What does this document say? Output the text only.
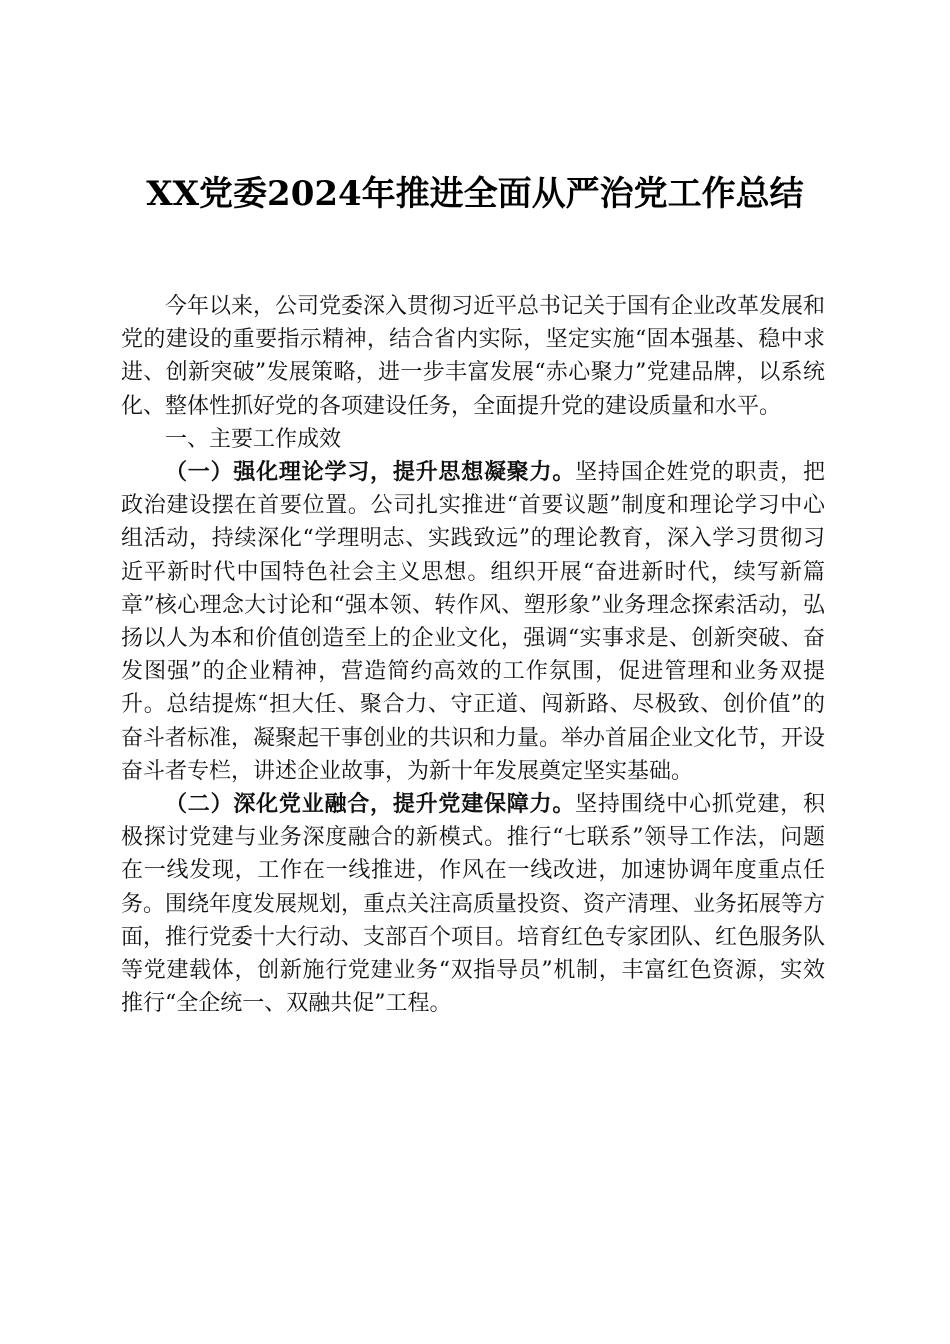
XX党委2024年推进全面从严治党工作总结

今年以来，公司党委深入贯彻习近平总书记关于国有企业改革发展和党的建设的重要指示精神，结合省内实际，坚定实施“固本强基、稳中求进、创新突破”发展策略，进一步丰富发展“赤心聚力”党建品牌，以系统化、整体性抓好党的各项建设任务，全面提升党的建设质量和水平。

一、主要工作成效

（一）强化理论学习，提升思想凝聚力。坚持国企姓党的职责，把政治建设摆在首要位置。公司扎实推进“首要议题”制度和理论学习中心组活动，持续深化“学理明志、实践致远”的理论教育，深入学习贯彻习近平新时代中国特色社会主义思想。组织开展“奋进新时代，续写新篇章”核心理念大讨论和“强本领、转作风、塑形象”业务理念探索活动，弘扬以人为本和价值创造至上的企业文化，强调“实事求是、创新突破、奋发图强”的企业精神，营造简约高效的工作氛围，促进管理和业务双提升。总结提炼“担大任、聚合力、守正道、闯新路、尽极致、创价值”的奋斗者标准，凝聚起干事创业的共识和力量。举办首届企业文化节，开设奋斗者专栏，讲述企业故事，为新十年发展奠定坚实基础。

（二）深化党业融合，提升党建保障力。坚持围绕中心抓党建，积极探讨党建与业务深度融合的新模式。推行“七联系”领导工作法，问题在一线发现，工作在一线推进，作风在一线改进，加速协调年度重点任务。围绕年度发展规划，重点关注高质量投资、资产清理、业务拓展等方面，推行党委十大行动、支部百个项目。培育红色专家团队、红色服务队等党建载体，创新施行党建业务“双指导员”机制，丰富红色资源，实效推行“全企统一、双融共促”工程。
